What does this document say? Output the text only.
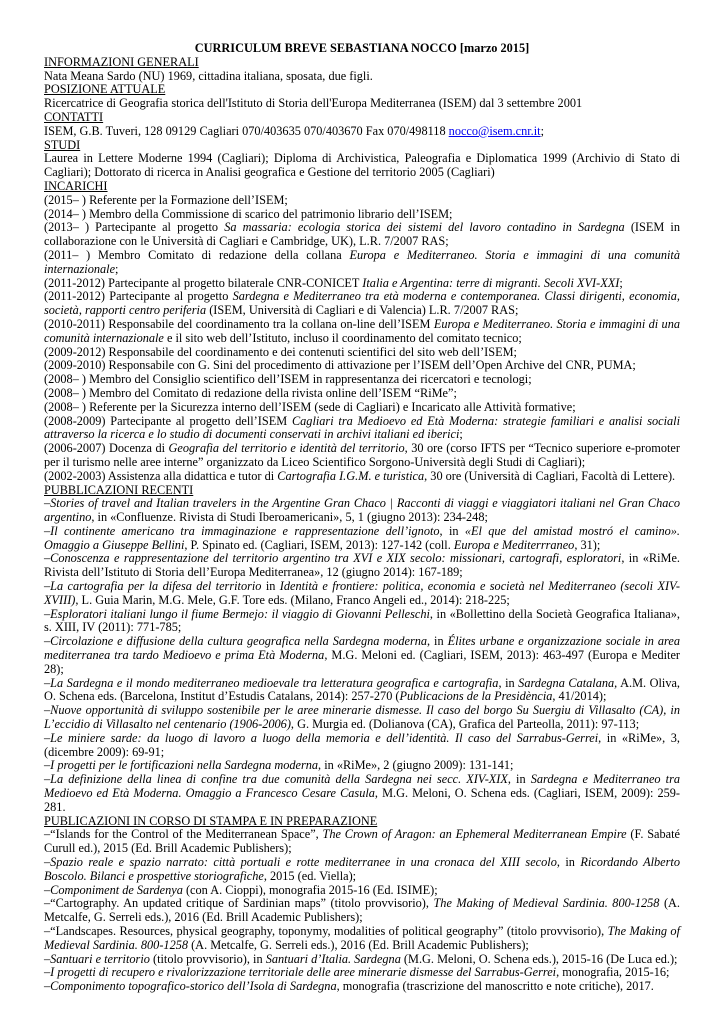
CURRICULUM BREVE SEBASTIANA NOCCO [marzo 2015]
INFORMAZIONI GENERALI

Nata Meana Sardo (NU) 1969, cittadina italiana, sposata, due figli.

POSIZIONE ATTUALE

Ricercatrice di Geografia storica dell'Istituto di Storia dell'Europa Mediterranea (ISEM) dal 3 settembre 2001

CONTATTI

ISEM, G.B. Tuveri, 128 09129 Cagliari 070/403635 070/403670 Fax 070/498118 nocco@isem.cnr.it;

STUDI

Laurea in Lettere Moderne 1994 (Cagliari); Diploma di Archivistica, Paleografia e Diplomatica 1999 (Archivio di Stato di Cagliari); Dottorato di ricerca in Analisi geografica e Gestione del territorio 2005 (Cagliari)

INCARICHI

(2015– ) Referente per la Formazione dell’ISEM;

(2014– ) Membro della Commissione di scarico del patrimonio librario dell’ISEM;

(2013– ) Partecipante al progetto Sa massaria: ecologia storica dei sistemi del lavoro contadino in Sardegna (ISEM in collaborazione con le Università di Cagliari e Cambridge, UK), L.R. 7/2007 RAS;

(2011– ) Membro Comitato di redazione della collana Europa e Mediterraneo. Storia e immagini di una comunità internazionale;

(2011-2012) Partecipante al progetto bilaterale CNR-CONICET Italia e Argentina: terre di migranti. Secoli XVI-XXI;

(2011-2012) Partecipante al progetto Sardegna e Mediterraneo tra età moderna e contemporanea. Classi dirigenti, economia, società, rapporti centro periferia (ISEM, Università di Cagliari e di Valencia) L.R. 7/2007 RAS;

(2010-2011) Responsabile del coordinamento tra la collana on-line dell’ISEM Europa e Mediterraneo. Storia e immagini di una comunità internazionale e il sito web dell’Istituto, incluso il coordinamento del comitato tecnico;

(2009-2012) Responsabile del coordinamento e dei contenuti scientifici del sito web dell’ISEM;

(2009-2010) Responsabile con G. Sini del procedimento di attivazione per l’ISEM dell’Open Archive del CNR, PUMA;

(2008– ) Membro del Consiglio scientifico dell’ISEM in rappresentanza dei ricercatori e tecnologi;

(2008– ) Membro del Comitato di redazione della rivista online dell’ISEM “RiMe”;

(2008– ) Referente per la Sicurezza interno dell’ISEM (sede di Cagliari) e Incaricato alle Attività formative;

(2008-2009) Partecipante al progetto dell’ISEM Cagliari tra Medioevo ed Età Moderna: strategie familiari e analisi sociali attraverso la ricerca e lo studio di documenti conservati in archivi italiani ed iberici;

(2006-2007) Docenza di Geografia del territorio e identità del territorio, 30 ore (corso IFTS per “Tecnico superiore e-promoter per il turismo nelle aree interne” organizzato da Liceo Scientifico Sorgono-Università degli Studi di Cagliari);

(2002-2003) Assistenza alla didattica e tutor di Cartografia I.G.M. e turistica, 30 ore (Università di Cagliari, Facoltà di Lettere).

PUBBLICAZIONI RECENTI

–Stories of travel and Italian travelers in the Argentine Gran Chaco | Racconti di viaggi e viaggiatori italiani nel Gran Chaco argentino, in «Confluenze. Rivista di Studi Iberoamericani», 5, 1 (giugno 2013): 234-248;

–Il continente americano tra immaginazione e rappresentazione dell’ignoto, in «El que del amistad mostró el camino». Omaggio a Giuseppe Bellini, P. Spinato ed. (Cagliari, ISEM, 2013): 127-142 (coll. Europa e Mediterrraneo, 31);

–Conoscenza e rappresentazione del territorio argentino tra XVI e XIX secolo: missionari, cartografi, esploratori, in «RiMe. Rivista dell’Istituto di Storia dell’Europa Mediterranea», 12 (giugno 2014): 167-189;

–La cartografia per la difesa del territorio in Identità e frontiere: politica, economia e società nel Mediterraneo (secoli XIV-XVIII), L. Guia Marin, M.G. Mele, G.F. Tore eds. (Milano, Franco Angeli ed., 2014): 218-225;

–Esploratori italiani lungo il fiume Bermejo: il viaggio di Giovanni Pelleschi, in «Bollettino della Società Geografica Italiana», s. XIII, IV (2011): 771-785;

–Circolazione e diffusione della cultura geografica nella Sardegna moderna, in Élites urbane e organizzazione sociale in area mediterranea tra tardo Medioevo e prima Età Moderna, M.G. Meloni ed. (Cagliari, ISEM, 2013): 463-497 (Europa e Mediter 28);

–La Sardegna e il mondo mediterraneo medioevale tra letteratura geografica e cartografia, in Sardegna Catalana, A.M. Oliva, O. Schena eds. (Barcelona, Institut d’Estudis Catalans, 2014): 257-270 (Publicacions de la Presidència, 41/2014);

–Nuove opportunità di sviluppo sostenibile per le aree minerarie dismesse. Il caso del borgo Su Suergiu di Villasalto (CA), in L’eccidio di Villasalto nel centenario (1906-2006), G. Murgia ed. (Dolianova (CA), Grafica del Parteolla, 2011): 97-113;

–Le miniere sarde: da luogo di lavoro a luogo della memoria e dell’identità. Il caso del Sarrabus-Gerrei, in «RiMe», 3, (dicembre 2009): 69-91;

–I progetti per le fortificazioni nella Sardegna moderna, in «RiMe», 2 (giugno 2009): 131-141;

–La definizione della linea di confine tra due comunità della Sardegna nei secc. XIV-XIX, in Sardegna e Mediterraneo tra Medioevo ed Età Moderna. Omaggio a Francesco Cesare Casula, M.G. Meloni, O. Schena eds. (Cagliari, ISEM, 2009): 259-281.

PUBLICAZIONI IN CORSO DI STAMPA E IN PREPARAZIONE

–“Islands for the Control of the Mediterranean Space”, The Crown of Aragon: an Ephemeral Mediterranean Empire (F. Sabaté Curull ed.), 2015 (Ed. Brill Academic Publishers);

–Spazio reale e spazio narrato: città portuali e rotte mediterranee in una cronaca del XIII secolo, in Ricordando Alberto Boscolo. Bilanci e prospettive storiografiche, 2015 (ed. Viella);

–Componiment de Sardenya (con A. Cioppi), monografia 2015-16 (Ed. ISIME);

–“Cartography. An updated critique of Sardinian maps” (titolo provvisorio), The Making of Medieval Sardinia. 800-1258 (A. Metcalfe, G. Serreli eds.), 2016 (Ed. Brill Academic Publishers);

–“Landscapes. Resources, physical geography, toponymy, modalities of political geography” (titolo provvisorio), The Making of Medieval Sardinia. 800-1258 (A. Metcalfe, G. Serreli eds.), 2016 (Ed. Brill Academic Publishers);

–Santuari e territorio (titolo provvisorio), in Santuari d’Italia. Sardegna (M.G. Meloni, O. Schena eds.), 2015-16 (De Luca ed.);

–I progetti di recupero e rivalorizzazione territoriale delle aree minerarie dismesse del Sarrabus-Gerrei, monografia, 2015-16;

–Componimento topografico-storico dell’Isola di Sardegna, monografia (trascrizione del manoscritto e note critiche), 2017.
